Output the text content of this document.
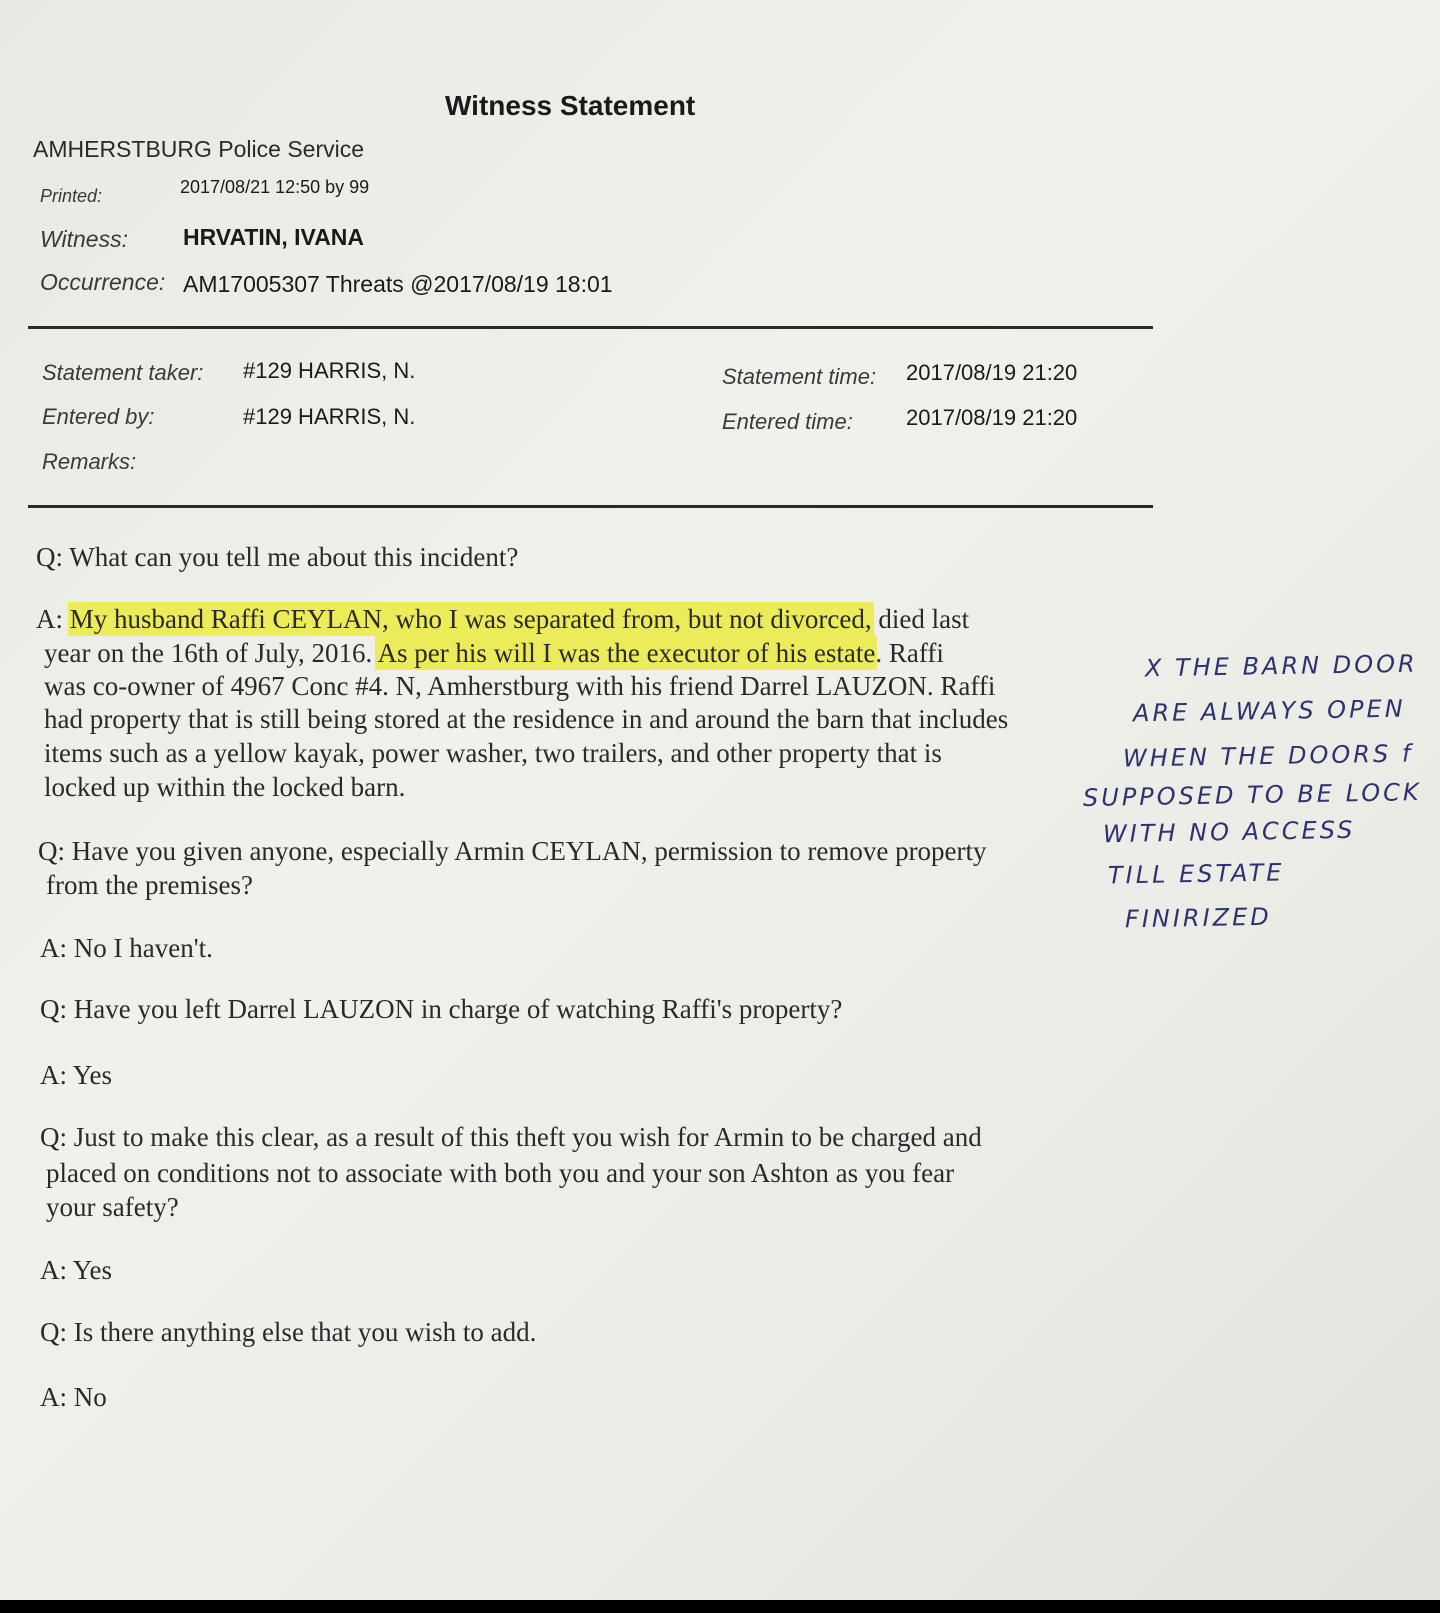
Witness Statement
AMHERSTBURG Police Service
Printed:	2017/08/21 12:50 by 99
Witness: HRVATIN, IVANA
Occurrence: AM17005307 Threats @2017/08/19 18:01
Statement taker: #129 HARRIS, N.	Statement time: 2017/08/19 21:20
Entered by:	#129 HARRIS, N.	Entered time: 2017/08/19 21:20
Remarks:
Q: What can you tell me about this incident?
A: My husband Raffi CEYLAN, who I was separated from, but not divorced, died last
year on the 16th of July, 2016. As per his will I was the executor of his estate. Raffi
was co-owner of 4967 Conc #4. N, Amherstburg with his friend Darrel LAUZON. Raffi
had property that is still being stored at the residence in and around the barn that includes
items such as a yellow kayak, power washer, two trailers, and other property that is
locked up within the locked barn.
Q: Have you given anyone, especially Armin CEYLAN, permission to remove property
from the premises?
A: No I haven't.
Q: Have you left Darrel LAUZON in charge of watching Raffi's property?
A: Yes
Q: Just to make this clear, as a result of this theft you wish for Armin to be charged and
placed on conditions not to associate with both you and your son Ashton as you fear
your safety?
A: Yes
Q: Is there anything else that you wish to add.
A: No
X THE BARN DOOR
ARE ALWAYS OPEN
WHEN THE DOORS f
SUPPOSED TO BE LOCK
WITH NO ACCESS
TILL ESTATE
FINIRIZED
